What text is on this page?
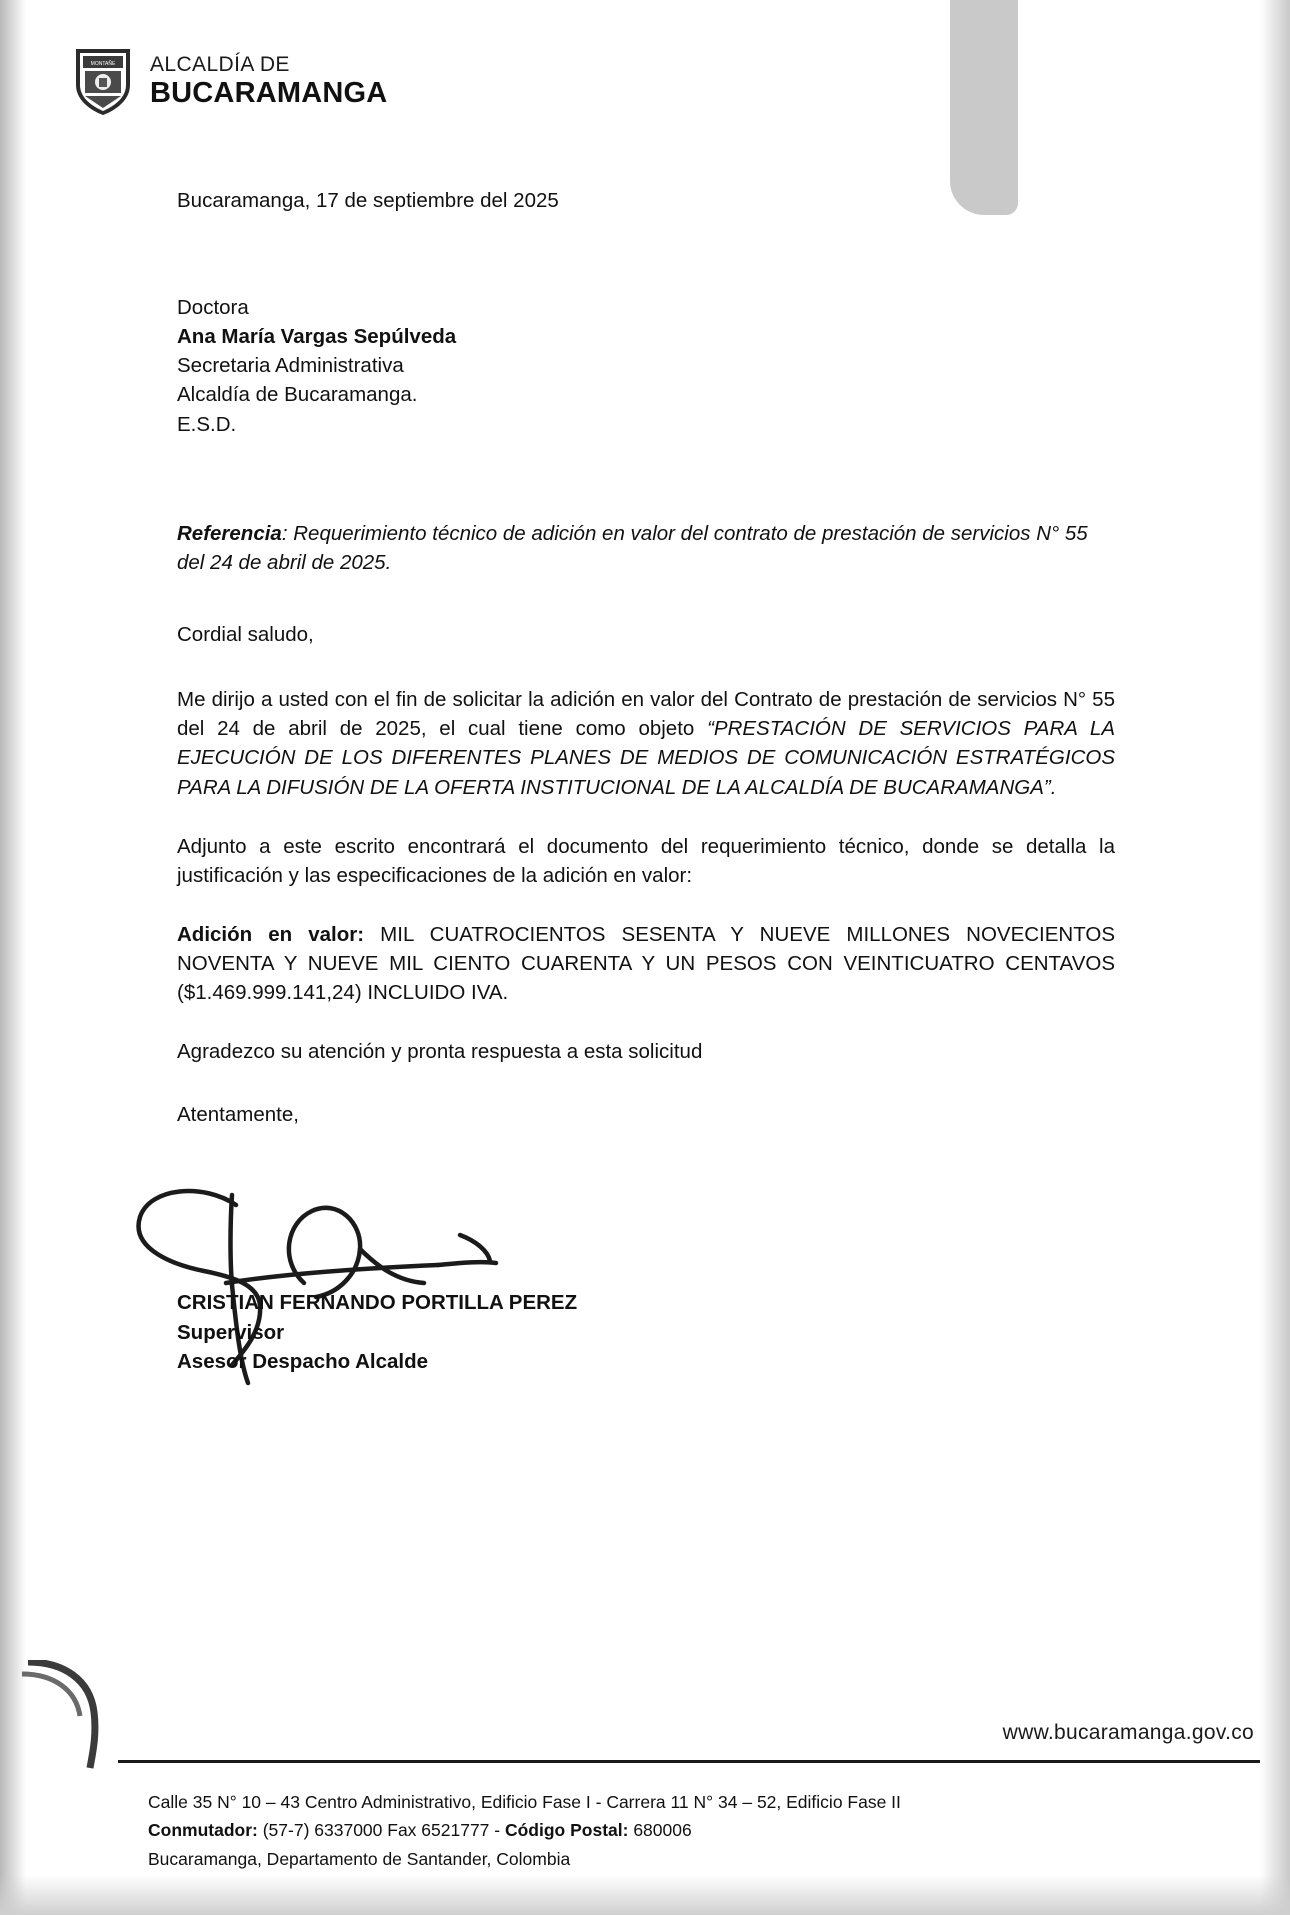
MONTAÑE ALCALDÍA DE
BUCARAMANGA
Bucaramanga, 17 de septiembre del 2025

Doctora

Ana María Vargas Sepúlveda

Secretaria Administrativa

Alcaldía de Bucaramanga.

E.S.D.

Referencia: Requerimiento técnico de adición en valor del contrato de prestación de servicios N° 55 del 24 de abril de 2025.
Cordial saludo,

Me dirijo a usted con el fin de solicitar la adición en valor del Contrato de prestación de servicios N° 55 del 24 de abril de 2025, el cual tiene como objeto “PRESTACIÓN DE SERVICIOS PARA LA EJECUCIÓN DE LOS DIFERENTES PLANES DE MEDIOS DE COMUNICACIÓN ESTRATÉGICOS PARA LA DIFUSIÓN DE LA OFERTA INSTITUCIONAL DE LA ALCALDÍA DE BUCARAMANGA”.

Adjunto a este escrito encontrará el documento del requerimiento técnico, donde se detalla la justificación y las especificaciones de la adición en valor:

Adición en valor: MIL CUATROCIENTOS SESENTA Y NUEVE MILLONES NOVECIENTOS NOVENTA Y NUEVE MIL CIENTO CUARENTA Y UN PESOS CON VEINTICUATRO CENTAVOS ($1.469.999.141,24) INCLUIDO IVA.

Agradezco su atención y pronta respuesta a esta solicitud

Atentamente,

CRISTIAN FERNANDO PORTILLA PEREZ

Supervisor

Asesor Despacho Alcalde

www.bucaramanga.gov.co

Calle 35 N° 10 – 43 Centro Administrativo, Edificio Fase I - Carrera 11 N° 34 – 52, Edificio Fase II

Conmutador: (57-7) 6337000 Fax 6521777 - Código Postal: 680006

Bucaramanga, Departamento de Santander, Colombia
